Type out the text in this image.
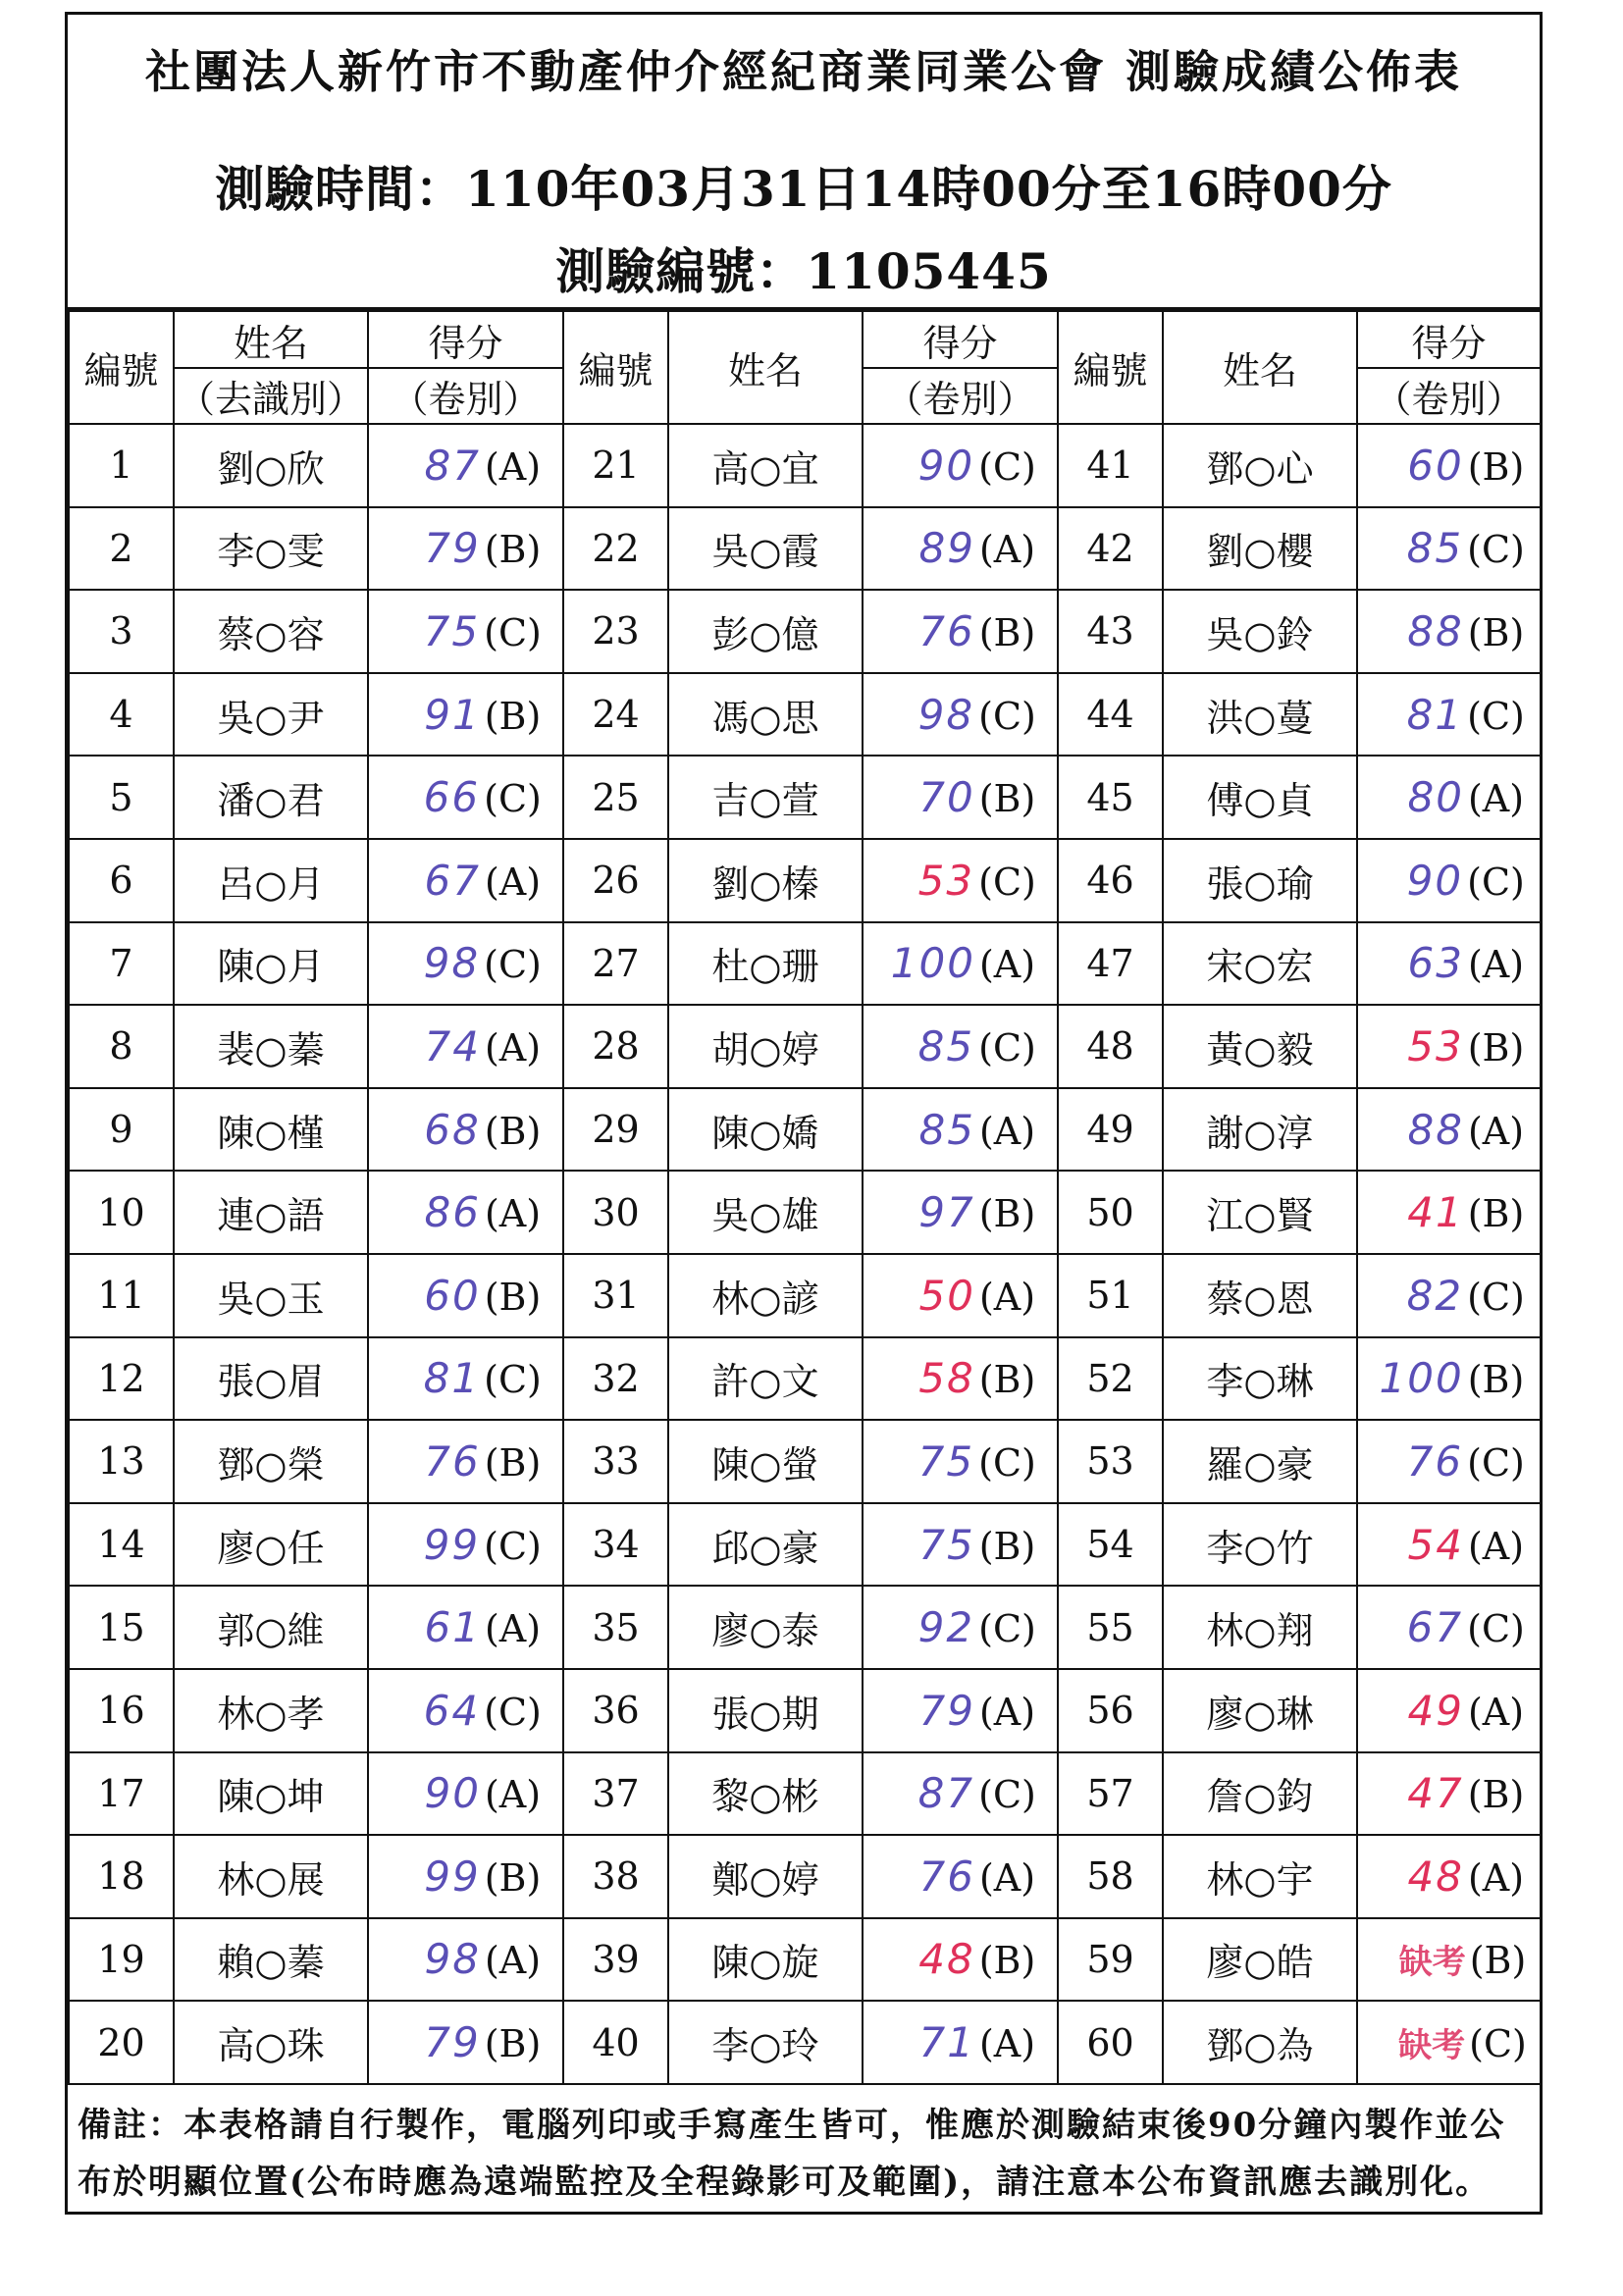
社團法人新竹市不動產仲介經紀商業同業公會 測驗成績公佈表
測驗時間：110年03月31日14時00分至16時00分
測驗編號：1105445
編號	姓名	得分	編號	姓名	得分	編號	姓名	得分
	（去識別）	（卷別）			（卷別）			（卷別）
1	劉○欣	87 (A)	21	高○宜	90 (C)	41	鄧○心	60 (B)
2	李○雯	79 (B)	22	吳○霞	89 (A)	42	劉○櫻	85 (C)
3	蔡○容	75 (C)	23	彭○億	76 (B)	43	吳○鈴	88 (B)
4	吳○尹	91 (B)	24	馮○思	98 (C)	44	洪○蔓	81 (C)
5	潘○君	66 (C)	25	吉○萱	70 (B)	45	傅○貞	80 (A)
6	呂○月	67 (A)	26	劉○榛	53 (C)	46	張○瑜	90 (C)
7	陳○月	98 (C)	27	杜○珊	100 (A)	47	宋○宏	63 (A)
8	裴○蓁	74 (A)	28	胡○婷	85 (C)	48	黃○毅	53 (B)
9	陳○槿	68 (B)	29	陳○嬌	85 (A)	49	謝○淳	88 (A)
10	連○語	86 (A)	30	吳○雄	97 (B)	50	江○賢	41 (B)
11	吳○玉	60 (B)	31	林○諺	50 (A)	51	蔡○恩	82 (C)
12	張○眉	81 (C)	32	許○文	58 (B)	52	李○琳	100 (B)
13	鄧○榮	76 (B)	33	陳○螢	75 (C)	53	羅○豪	76 (C)
14	廖○任	99 (C)	34	邱○豪	75 (B)	54	李○竹	54 (A)
15	郭○維	61 (A)	35	廖○泰	92 (C)	55	林○翔	67 (C)
16	林○孝	64 (C)	36	張○期	79 (A)	56	廖○琳	49 (A)
17	陳○坤	90 (A)	37	黎○彬	87 (C)	57	詹○鈞	47 (B)
18	林○展	99 (B)	38	鄭○婷	76 (A)	58	林○宇	48 (A)
19	賴○蓁	98 (A)	39	陳○旋	48 (B)	59	廖○皓	缺考 (B)
20	高○珠	79 (B)	40	李○玲	71 (A)	60	鄧○為	缺考 (C)
備註：本表格請自行製作，電腦列印或手寫產生皆可，惟應於測驗結束後90分鐘內製作並公布於明顯位置(公布時應為遠端監控及全程錄影可及範圍)，請注意本公布資訊應去識別化。
